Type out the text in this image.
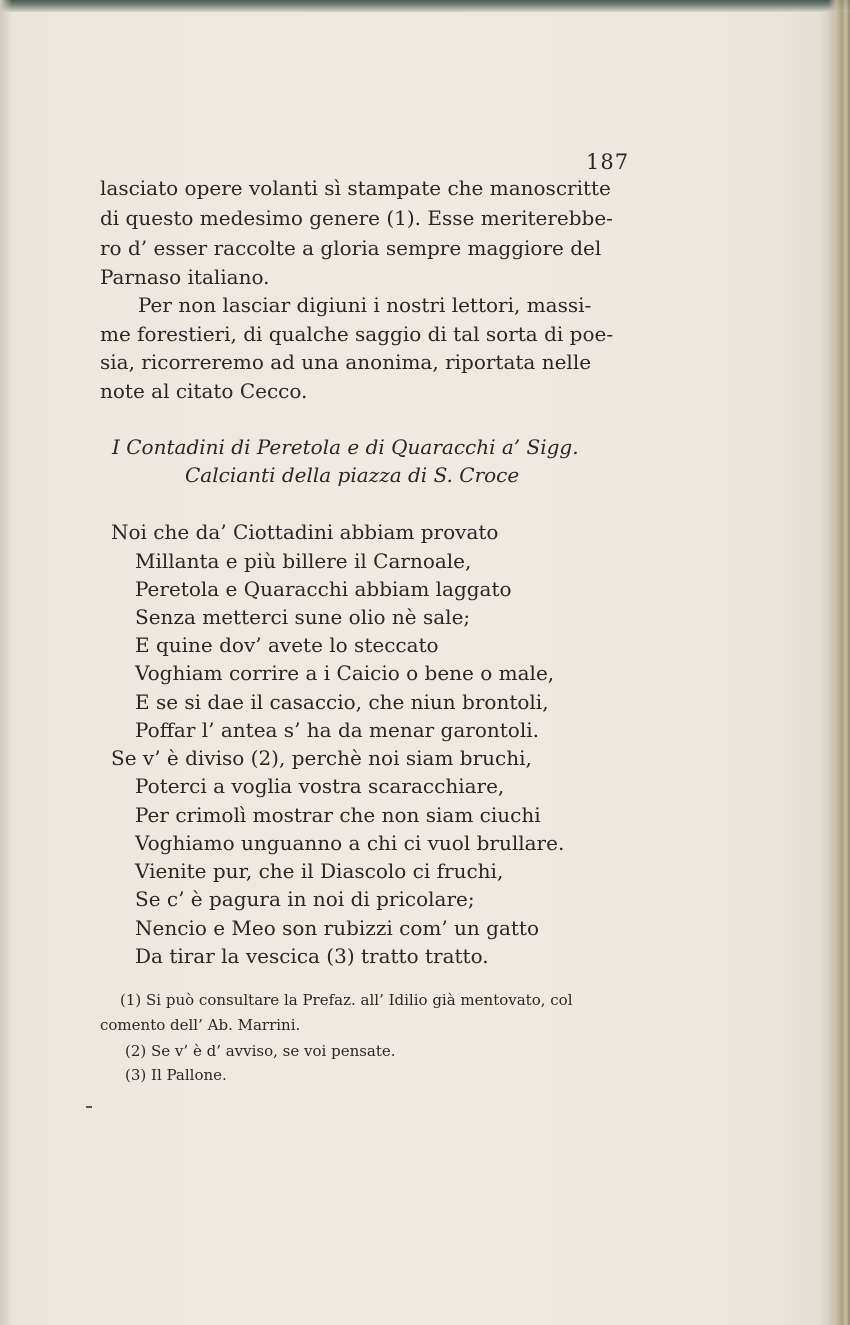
187
lasciato opere volanti sì stampate che manoscritte
di questo medesimo genere (1). Esse meriterebbe-
ro d’ esser raccolte a gloria sempre maggiore del
Parnaso italiano.
Per non lasciar digiuni i nostri lettori, massi-
me forestieri, di qualche saggio di tal sorta di poe-
sia, ricorreremo ad una anonima, riportata nelle
note al citato Cecco.
I Contadini di Peretola e di Quaracchi a’ Sigg.
Calcianti della piazza di S. Croce
Noi che da’ Ciottadini abbiam provato
Millanta e più billere il Carnoale,
Peretola e Quaracchi abbiam laggato
Senza metterci sune olio nè sale;
E quine dov’ avete lo steccato
Voghiam corrire a i Caicio o bene o male,
E se si dae il casaccio, che niun brontoli,
Poffar l’ antea s’ ha da menar garontoli.
Se v’ è diviso (2), perchè noi siam bruchi,
Poterci a voglia vostra scaracchiare,
Per crimolì mostrar che non siam ciuchi
Voghiamo unguanno a chi ci vuol brullare.
Vienite pur, che il Diascolo ci fruchi,
Se c’ è pagura in noi di pricolare;
Nencio e Meo son rubizzi com’ un gatto
Da tirar la vescica (3) tratto tratto.
(1) Si può consultare la Prefaz. all’ Idilio già mentovato, col
comento dell’ Ab. Marrini.
(2) Se v’ è d’ avviso, se voi pensate.
(3) Il Pallone.
